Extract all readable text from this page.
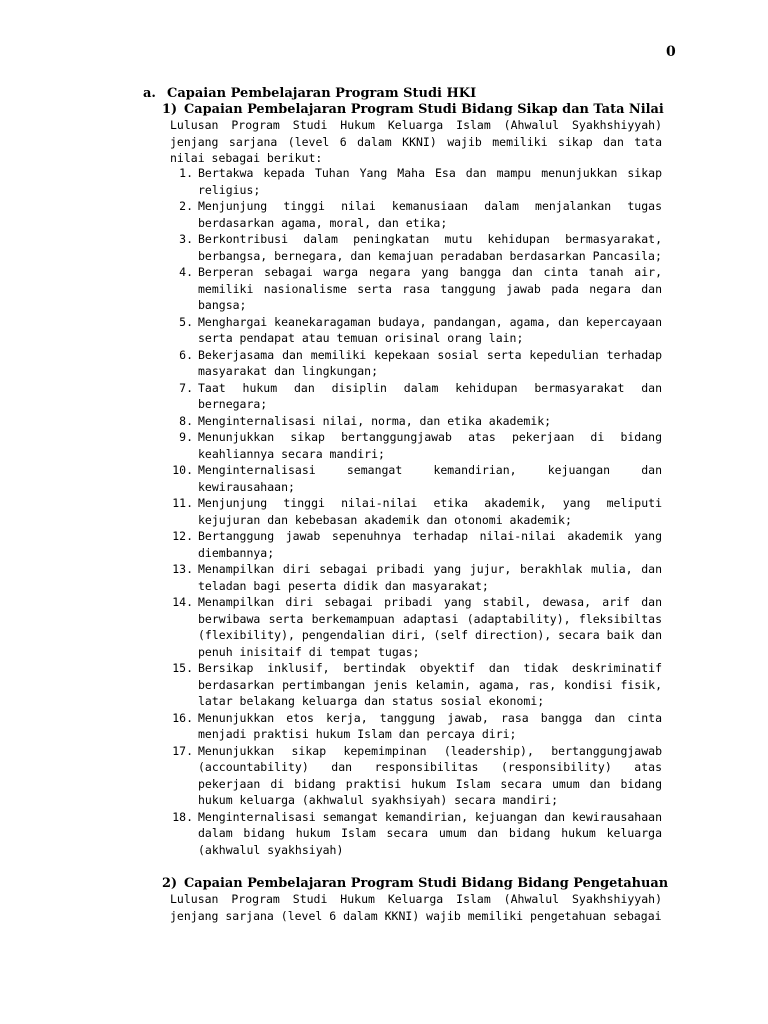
0
a. Capaian Pembelajaran Program Studi HKI
1) Capaian Pembelajaran Program Studi Bidang Sikap dan Tata Nilai
Lulusan Program Studi Hukum Keluarga Islam (Ahwalul Syakhshiyyah) jenjang sarjana (level 6 dalam KKNI) wajib memiliki sikap dan tata nilai sebagai berikut:
1. Bertakwa kepada Tuhan Yang Maha Esa dan mampu menunjukkan sikap religius;
2. Menjunjung tinggi nilai kemanusiaan dalam menjalankan tugas berdasarkan agama, moral, dan etika;
3. Berkontribusi dalam peningkatan mutu kehidupan bermasyarakat, berbangsa, bernegara, dan kemajuan peradaban berdasarkan Pancasila;
4. Berperan sebagai warga negara yang bangga dan cinta tanah air, memiliki nasionalisme serta rasa tanggung jawab pada negara dan bangsa;
5. Menghargai keanekaragaman budaya, pandangan, agama, dan kepercayaan serta pendapat atau temuan orisinal orang lain;
6. Bekerjasama dan memiliki kepekaan sosial serta kepedulian terhadap masyarakat dan lingkungan;
7. Taat hukum dan disiplin dalam kehidupan bermasyarakat dan bernegara;
8. Menginternalisasi nilai, norma, dan etika akademik;
9. Menunjukkan sikap bertanggungjawab atas pekerjaan di bidang keahliannya secara mandiri;
10. Menginternalisasi semangat kemandirian, kejuangan dan kewirausahaan;
11. Menjunjung tinggi nilai-nilai etika akademik, yang meliputi kejujuran dan kebebasan akademik dan otonomi akademik;
12. Bertanggung jawab sepenuhnya terhadap nilai-nilai akademik yang diembannya;
13. Menampilkan diri sebagai pribadi yang jujur, berakhlak mulia, dan teladan bagi peserta didik dan masyarakat;
14. Menampilkan diri sebagai pribadi yang stabil, dewasa, arif dan berwibawa serta berkemampuan adaptasi (adaptability), fleksibiltas (flexibility), pengendalian diri, (self direction), secara baik dan penuh inisitaif di tempat tugas;
15. Bersikap inklusif, bertindak obyektif dan tidak deskriminatif berdasarkan pertimbangan jenis kelamin, agama, ras, kondisi fisik, latar belakang keluarga dan status sosial ekonomi;
16. Menunjukkan etos kerja, tanggung jawab, rasa bangga dan cinta menjadi praktisi hukum Islam dan percaya diri;
17. Menunjukkan sikap kepemimpinan (leadership), bertanggungjawab (accountability) dan responsibilitas (responsibility) atas pekerjaan di bidang praktisi hukum Islam secara umum dan bidang hukum keluarga (akhwalul syakhsiyah) secara mandiri;
18. Menginternalisasi semangat kemandirian, kejuangan dan kewirausahaan dalam bidang hukum Islam secara umum dan bidang hukum keluarga (akhwalul syakhsiyah)
2) Capaian Pembelajaran Program Studi Bidang Bidang Pengetahuan
Lulusan Program Studi Hukum Keluarga Islam (Ahwalul Syakhshiyyah) jenjang sarjana (level 6 dalam KKNI) wajib memiliki pengetahuan sebagai
